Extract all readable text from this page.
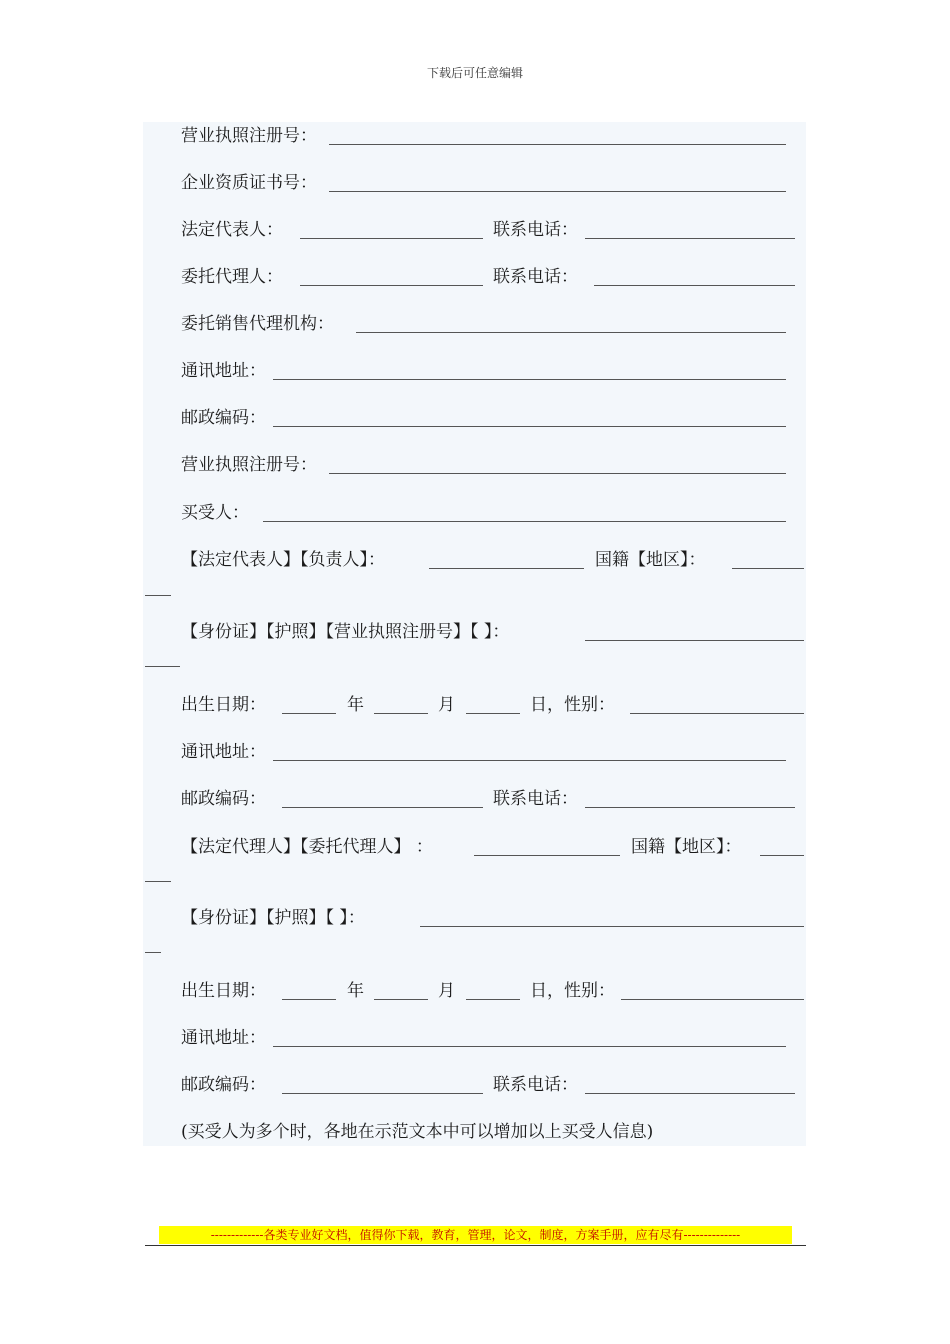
下载后可任意编辑
营业执照注册号：
企业资质证书号：
法定代表人：	联系电话：
委托代理人：	联系电话：
委托销售代理机构：
通讯地址：
邮政编码：
营业执照注册号：
买受人：
【法定代表人】【负责人】：	国籍【地区】：
【身份证】【护照】【营业执照注册号】【 】：
出生日期：	年	月	日，性别：
通讯地址：
邮政编码：	联系电话：
【法定代理人】【委托代理人】 ：	国籍【地区】：
【身份证】【护照】【 】：
出生日期：	年	月	日，性别：
通讯地址：
邮政编码：	联系电话：
(买受人为多个时，各地在示范文本中可以增加以上买受人信息)
-------------各类专业好文档，值得你下载，教育，管理，论文，制度，方案手册，应有尽有--------------
